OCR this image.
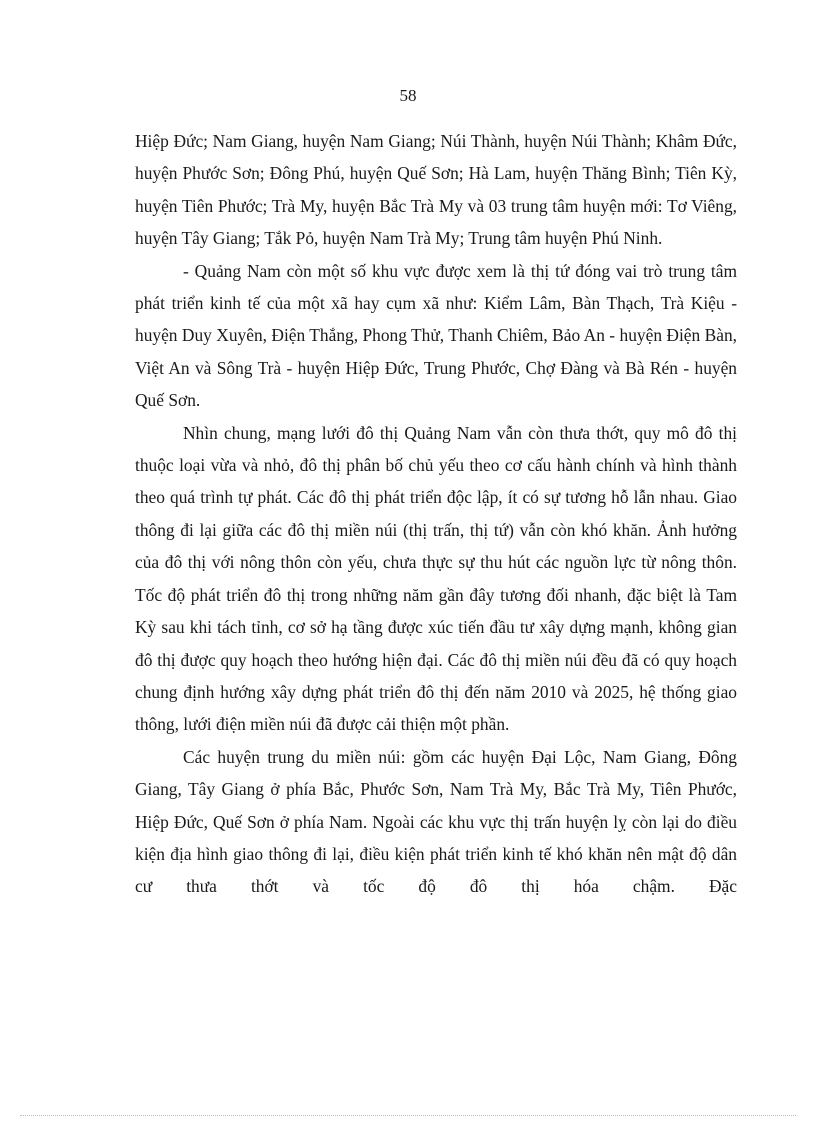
58

Hiệp Đức; Nam Giang, huyện Nam Giang; Núi Thành, huyện Núi Thành; Khâm Đức, huyện Phước Sơn; Đông Phú, huyện Quế Sơn; Hà Lam, huyện Thăng Bình; Tiên Kỳ, huyện Tiên Phước; Trà My, huyện Bắc Trà My và 03 trung tâm huyện mới: Tơ Viêng, huyện Tây Giang; Tắk Pỏ, huyện Nam Trà My; Trung tâm huyện Phú Ninh.

- Quảng Nam còn một số khu vực được xem là thị tứ đóng vai trò trung tâm phát triển kinh tế của một xã hay cụm xã như: Kiểm Lâm, Bàn Thạch, Trà Kiệu - huyện Duy Xuyên, Điện Thắng, Phong Thử, Thanh Chiêm, Bảo An - huyện Điện Bàn, Việt An và Sông Trà - huyện Hiệp Đức, Trung Phước, Chợ Đàng và Bà Rén - huyện Quế Sơn.

Nhìn chung, mạng lưới đô thị Quảng Nam vẫn còn thưa thớt, quy mô đô thị thuộc loại vừa và nhỏ, đô thị phân bố chủ yếu theo cơ cấu hành chính và hình thành theo quá trình tự phát. Các đô thị phát triển độc lập, ít có sự tương hỗ lẫn nhau. Giao thông đi lại giữa các đô thị miền núi (thị trấn, thị tứ) vẫn còn khó khăn. Ảnh hưởng của đô thị với nông thôn còn yếu, chưa thực sự thu hút các nguồn lực từ nông thôn. Tốc độ phát triển đô thị trong những năm gần đây tương đối nhanh, đặc biệt là Tam Kỳ sau khi tách tỉnh, cơ sở hạ tầng được xúc tiến đầu tư xây dựng mạnh, không gian đô thị được quy hoạch theo hướng hiện đại. Các đô thị miền núi đều đã có quy hoạch chung định hướng xây dựng phát triển đô thị đến năm 2010 và 2025, hệ thống giao thông, lưới điện miền núi đã được cải thiện một phần.

Các huyện trung du miền núi: gồm các huyện Đại Lộc, Nam Giang, Đông Giang, Tây Giang ở phía Bắc, Phước Sơn, Nam Trà My, Bắc Trà My, Tiên Phước, Hiệp Đức, Quế Sơn ở phía Nam. Ngoài các khu vực thị trấn huyện lỵ còn lại do điều kiện địa hình giao thông đi lại, điều kiện phát triển kinh tế khó khăn nên mật độ dân cư thưa thớt và tốc độ đô thị hóa chậm. Đặc
